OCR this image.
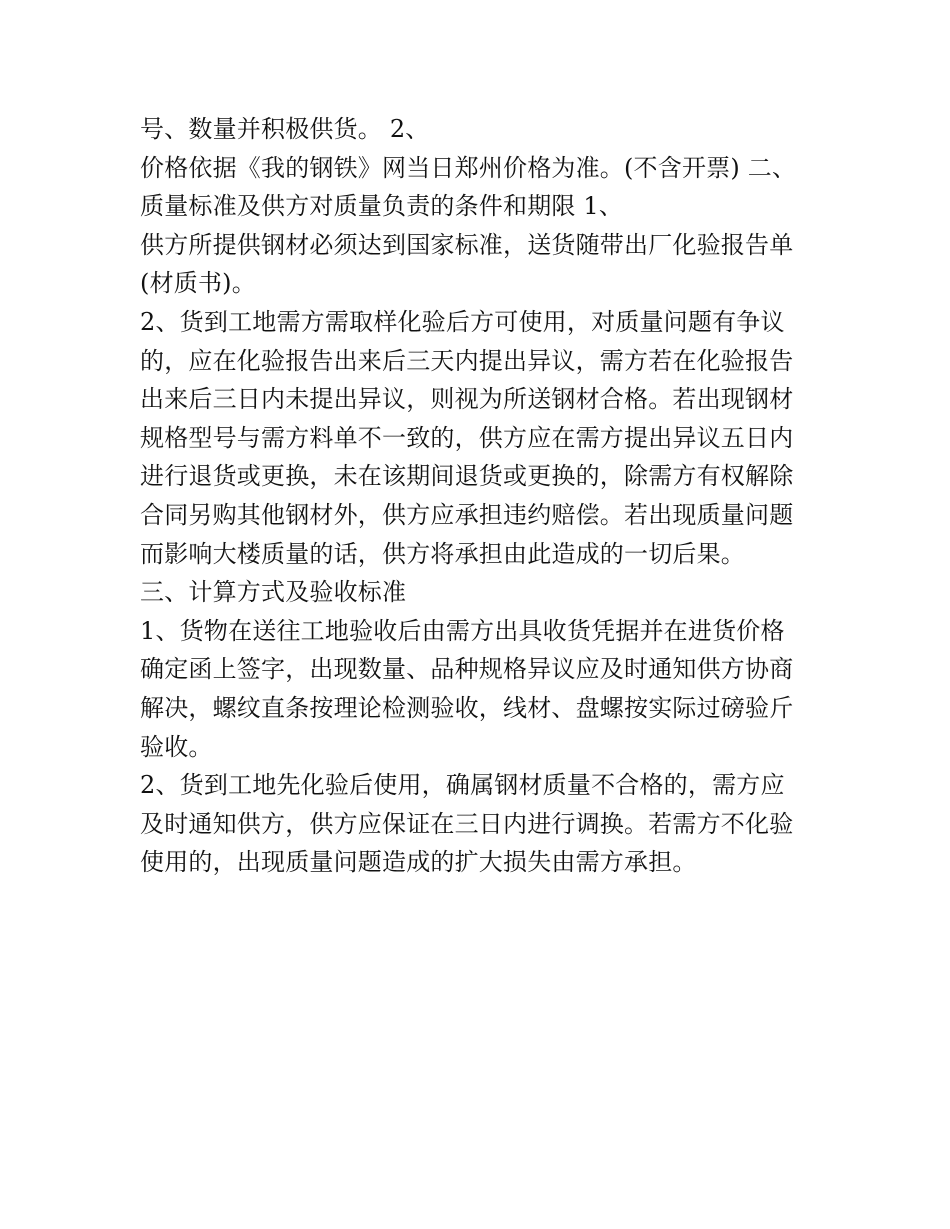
号、数量并积极供货。 2、

价格依据《我的钢铁》网当日郑州价格为准。(不含开票) 二、

质量标准及供方对质量负责的条件和期限 1、

供方所提供钢材必须达到国家标准，送货随带出厂化验报告单

(材质书)。

2、货到工地需方需取样化验后方可使用，对质量问题有争议

的，应在化验报告出来后三天内提出异议，需方若在化验报告

出来后三日内未提出异议，则视为所送钢材合格。若出现钢材

规格型号与需方料单不一致的，供方应在需方提出异议五日内

进行退货或更换，未在该期间退货或更换的，除需方有权解除

合同另购其他钢材外，供方应承担违约赔偿。若出现质量问题

而影响大楼质量的话，供方将承担由此造成的一切后果。

三、计算方式及验收标准

1、货物在送往工地验收后由需方出具收货凭据并在进货价格

确定函上签字，出现数量、品种规格异议应及时通知供方协商

解决，螺纹直条按理论检测验收，线材、盘螺按实际过磅验斤

验收。

2、货到工地先化验后使用，确属钢材质量不合格的，需方应

及时通知供方，供方应保证在三日内进行调换。若需方不化验

使用的，出现质量问题造成的扩大损失由需方承担。
